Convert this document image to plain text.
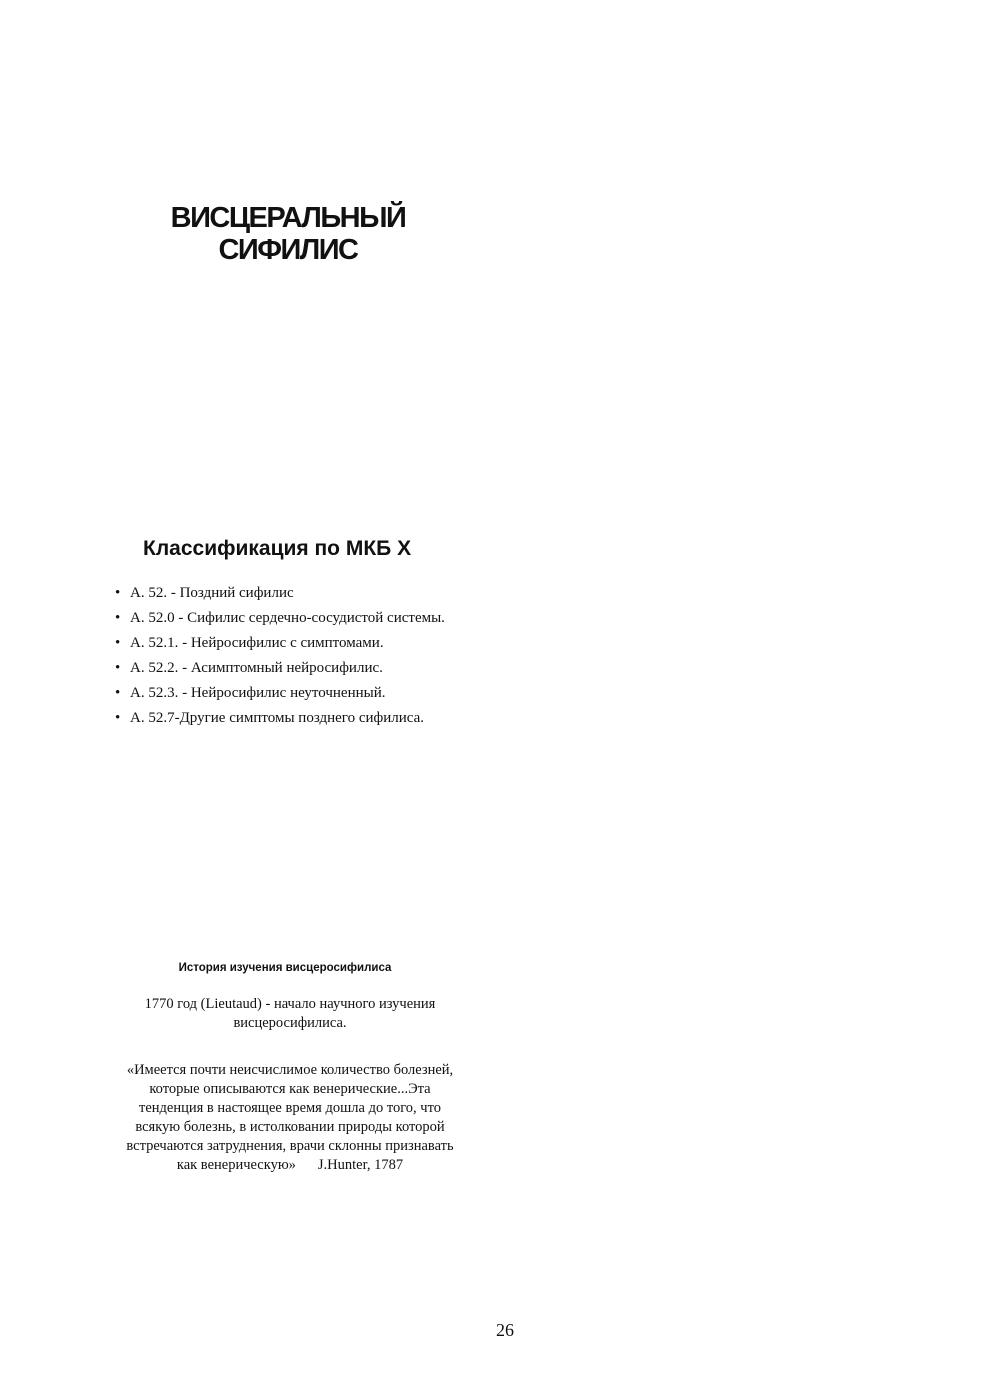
ВИСЦЕРАЛЬНЫЙ
СИФИЛИС
Классификация по МКБ X
• А. 52. - Поздний сифилис
• А. 52.0 - Сифилис сердечно-сосудистой системы.
• А. 52.1. - Нейросифилис с симптомами.
• А. 52.2. - Асимптомный нейросифилис.
• А. 52.3. - Нейросифилис неуточненный.
• А. 52.7-Другие симптомы позднего сифилиса.
История изучения висцеросифилиса

1770 год (Lieutaud) - начало научного изучения висцеросифилиса.

«Имеется почти неисчислимое количество болезней, которые описываются как венерические...Эта тенденция в настоящее время дошла до того, что всякую болезнь, в истолковании природы которой встречаются затруднения, врачи склонны признавать как венерическую» J.Hunter, 1787

26
